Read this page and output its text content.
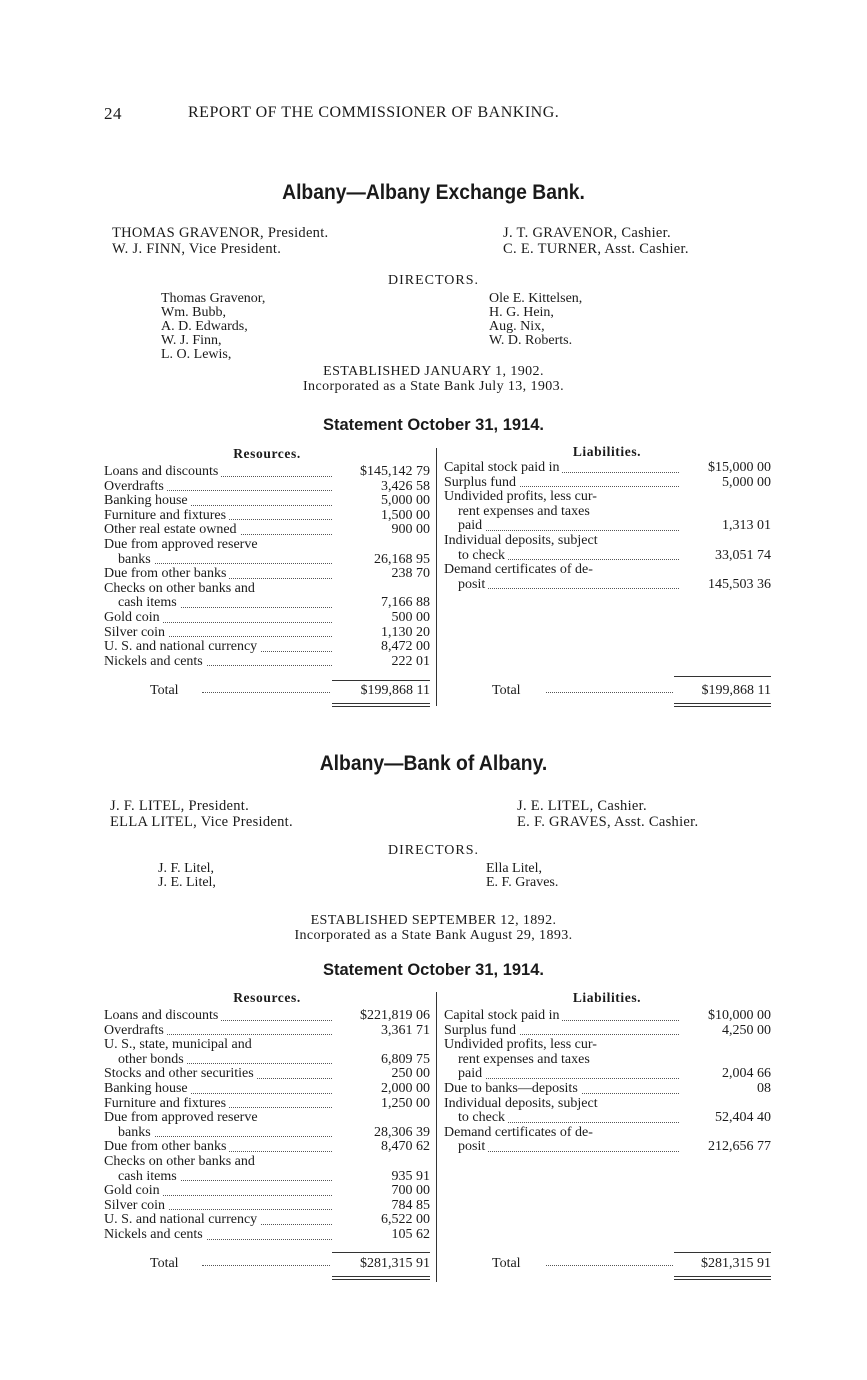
24	REPORT OF THE COMMISSIONER OF BANKING.
Albany—Albany Exchange Bank.
THOMAS GRAVENOR, President.
W. J. FINN, Vice President.
J. T. GRAVENOR, Cashier.
C. E. TURNER, Asst. Cashier.
DIRECTORS.
Thomas Gravenor,
Wm. Bubb,
A. D. Edwards,
W. J. Finn,
L. O. Lewis,
Ole E. Kittelsen,
H. G. Hein,
Aug. Nix,
W. D. Roberts.
ESTABLISHED JANUARY 1, 1902.
Incorporated as a State Bank July 13, 1903.
Statement October 31, 1914.
Resources.	Liabilities.
Loans and discounts	$145,142 79
Overdrafts	3,426 58
Banking house	5,000 00
Furniture and fixtures	1,500 00
Other real estate owned	900 00
Due from approved reserve
banks	26,168 95
Due from other banks	238 70
Checks on other banks and
cash items	7,166 88
Gold coin	500 00
Silver coin	1,130 20
U. S. and national currency	8,472 00
Nickels and cents	222 01
Capital stock paid in	$15,000 00
Surplus fund	5,000 00
Undivided profits, less cur-
rent expenses and taxes
paid	1,313 01
Individual deposits, subject
to check	33,051 74
Demand certificates of de-
posit	145,503 36
Total	$199,868 11	Total	$199,868 11
Albany—Bank of Albany.
J. F. LITEL, President.
ELLA LITEL, Vice President.
J. E. LITEL, Cashier.
E. F. GRAVES, Asst. Cashier.
DIRECTORS.
J. F. Litel,
J. E. Litel,
Ella Litel,
E. F. Graves.
ESTABLISHED SEPTEMBER 12, 1892.
Incorporated as a State Bank August 29, 1893.
Statement October 31, 1914.
Resources.	Liabilities.
Loans and discounts	$221,819 06
Overdrafts	3,361 71
U. S., state, municipal and
other bonds	6,809 75
Stocks and other securities	250 00
Banking house	2,000 00
Furniture and fixtures	1,250 00
Due from approved reserve
banks	28,306 39
Due from other banks	8,470 62
Checks on other banks and
cash items	935 91
Gold coin	700 00
Silver coin	784 85
U. S. and national currency	6,522 00
Nickels and cents	105 62
Capital stock paid in	$10,000 00
Surplus fund	4,250 00
Undivided profits, less cur-
rent expenses and taxes
paid	2,004 66
Due to banks—deposits	08
Individual deposits, subject
to check	52,404 40
Demand certificates of de-
posit	212,656 77
Total	$281,315 91	Total	$281,315 91
